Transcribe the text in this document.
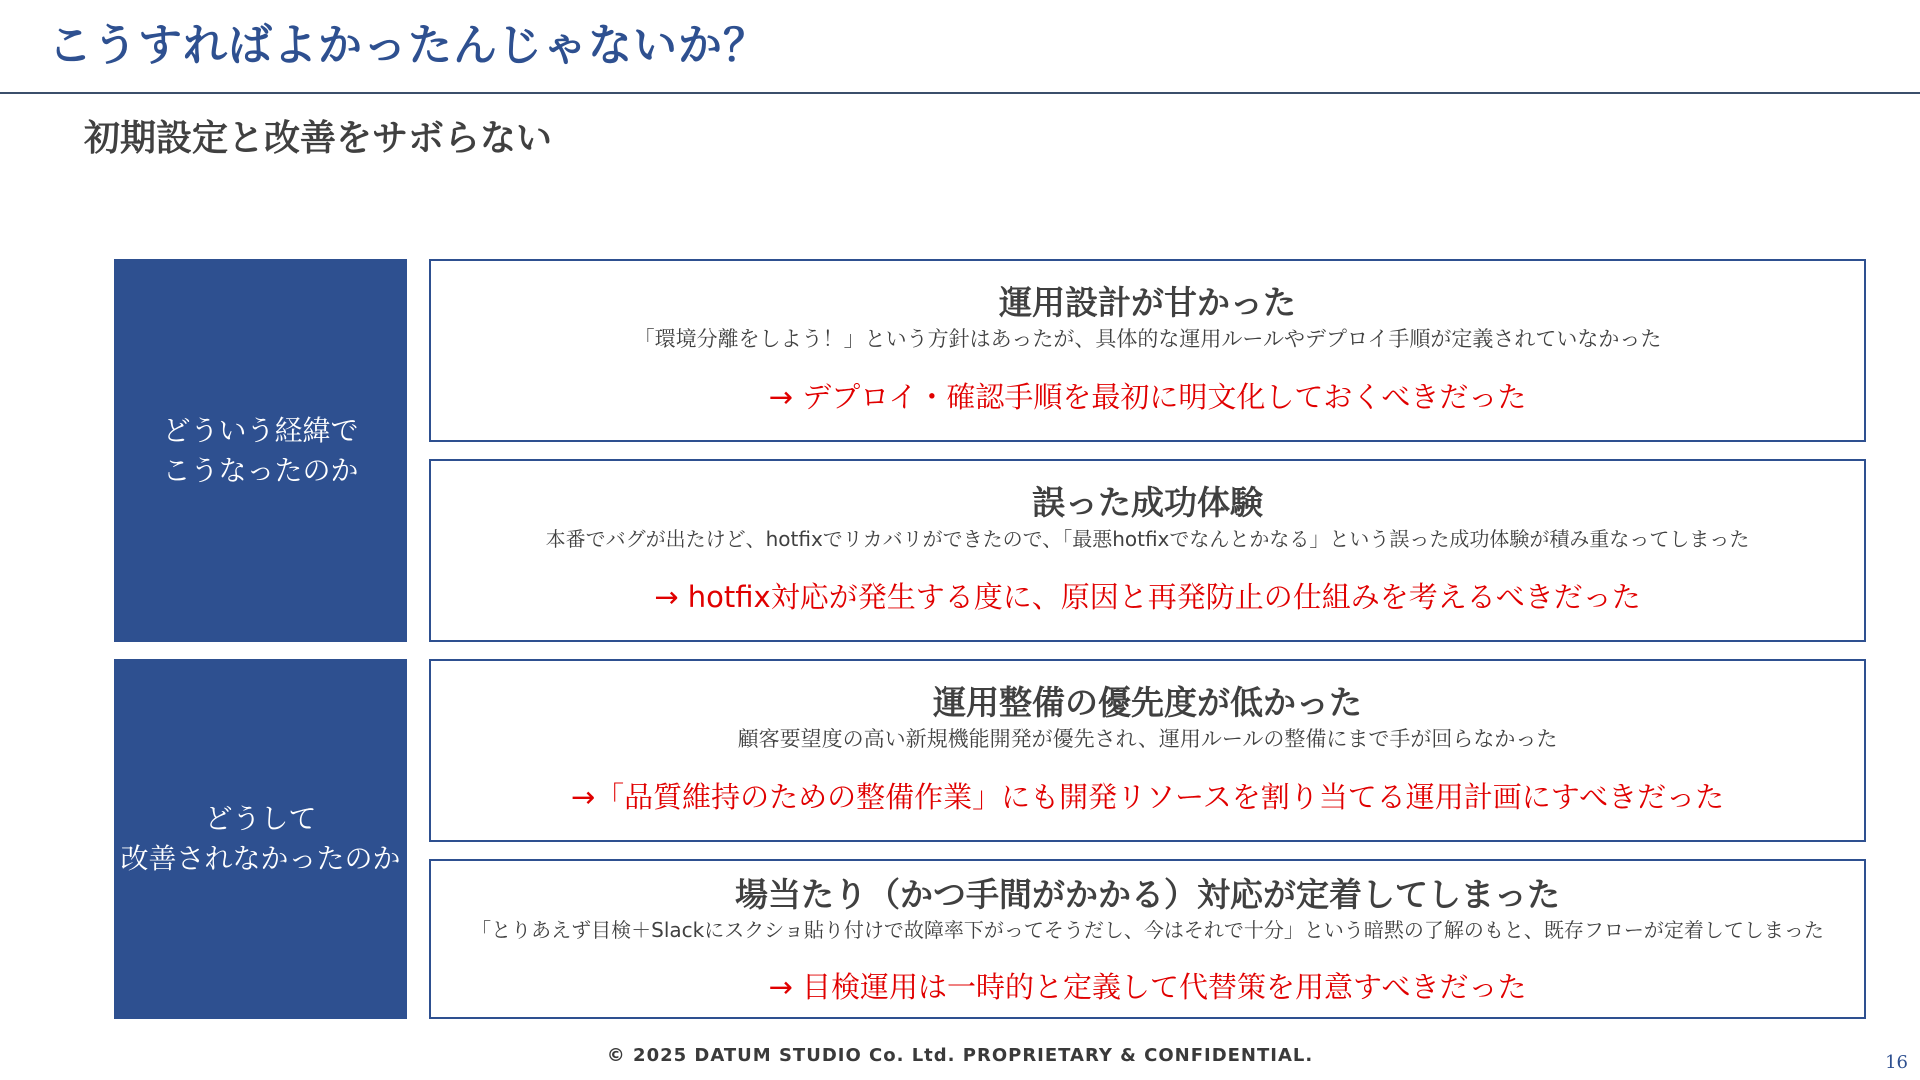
こうすればよかったんじゃないか？
初期設定と改善をサボらない
どういう経緯で
こうなったのか
どうして
改善されなかったのか
運用設計が甘かった
「環境分離をしよう！」という方針はあったが、具体的な運用ルールやデプロイ手順が定義されていなかった
→ デプロイ・確認手順を最初に明文化しておくべきだった
誤った成功体験
本番でバグが出たけど、hotfixでリカバリができたので、「最悪hotfixでなんとかなる」という誤った成功体験が積み重なってしまった
→ hotfix対応が発生する度に、原因と再発防止の仕組みを考えるべきだった
運用整備の優先度が低かった
顧客要望度の高い新規機能開発が優先され、運用ルールの整備にまで手が回らなかった
→「品質維持のための整備作業」にも開発リソースを割り当てる運用計画にすべきだった
場当たり（かつ手間がかかる）対応が定着してしまった
「とりあえず目検＋Slackにスクショ貼り付けで故障率下がってそうだし、今はそれで十分」という暗黙の了解のもと、既存フローが定着してしまった
→ 目検運用は一時的と定義して代替策を用意すべきだった
© 2025 DATUM STUDIO Co. Ltd. PROPRIETARY & CONFIDENTIAL.	16
